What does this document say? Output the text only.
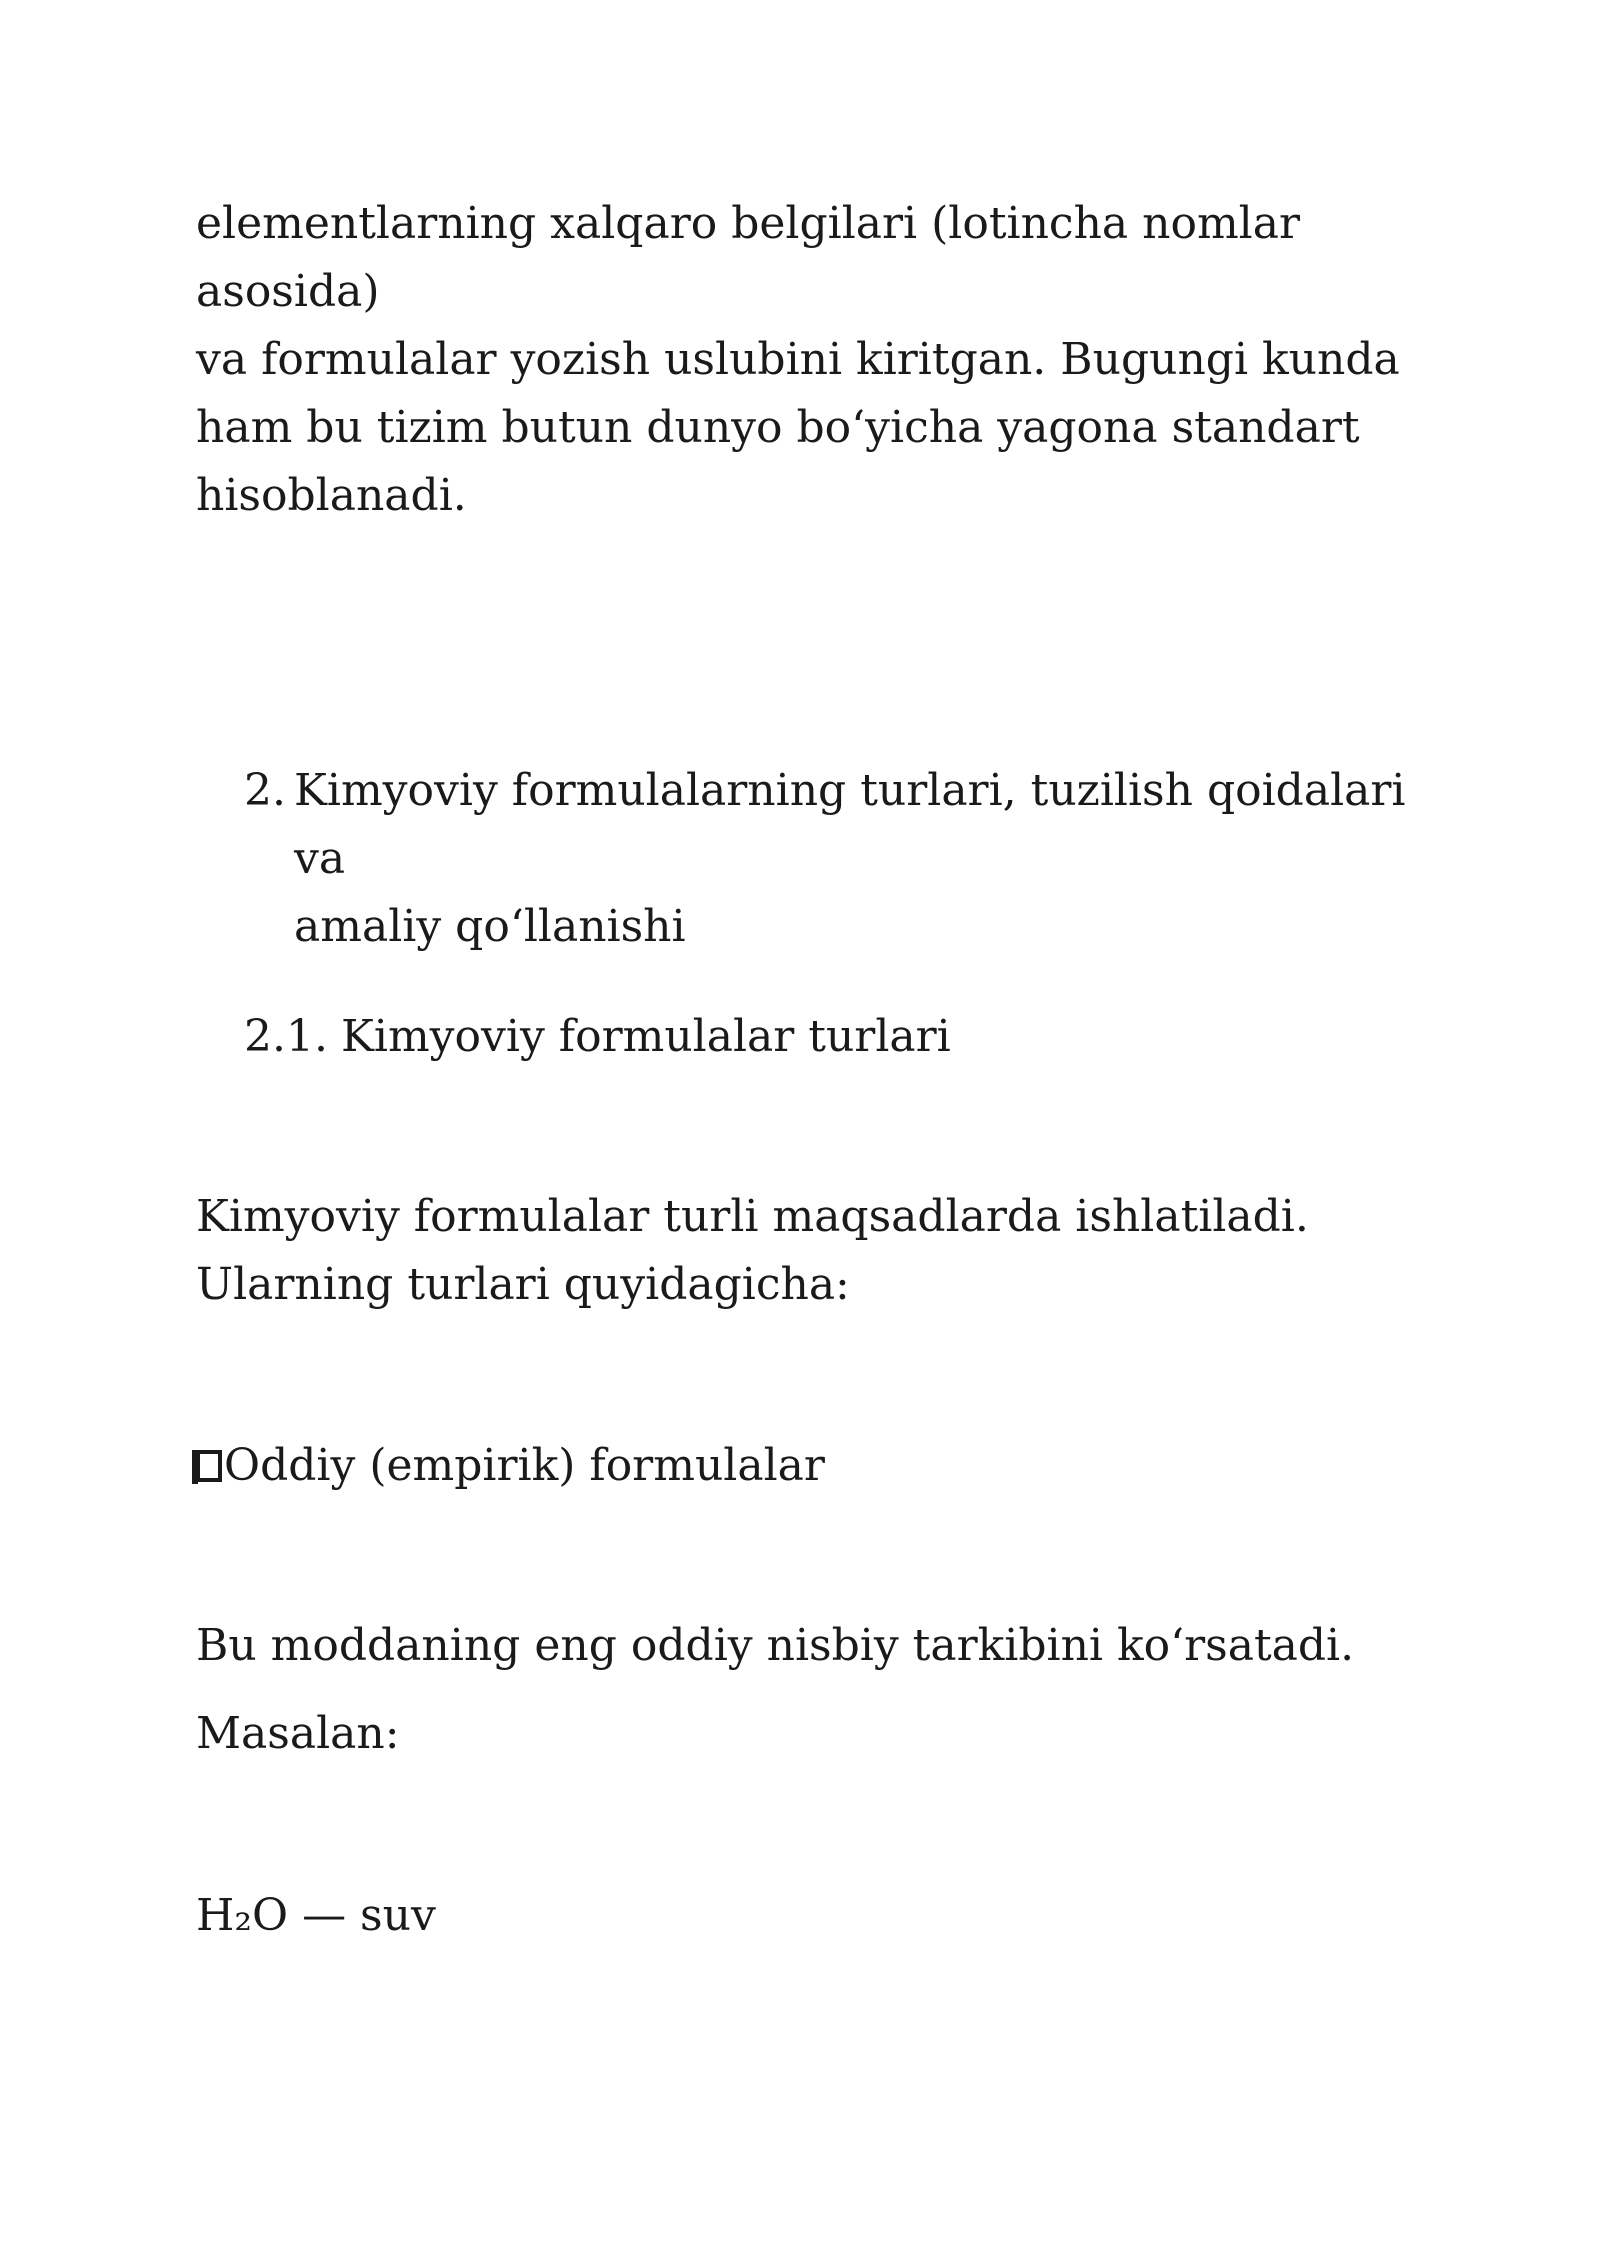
elementlarning xalqaro belgilari (lotincha nomlar asosida)
va formulalar yozish uslubini kiritgan. Bugungi kunda
ham bu tizim butun dunyo bo‘yicha yagona standart
hisoblanadi.
2. Kimyoviy formulalarning turlari, tuzilish qoidalari va
amaliy qo‘llanishi
2.1. Kimyoviy formulalar turlari
Kimyoviy formulalar turli maqsadlarda ishlatiladi.
Ularning turlari quyidagicha:
Oddiy (empirik) formulalar
Bu moddaning eng oddiy nisbiy tarkibini ko‘rsatadi.
Masalan:
H₂O — suv
